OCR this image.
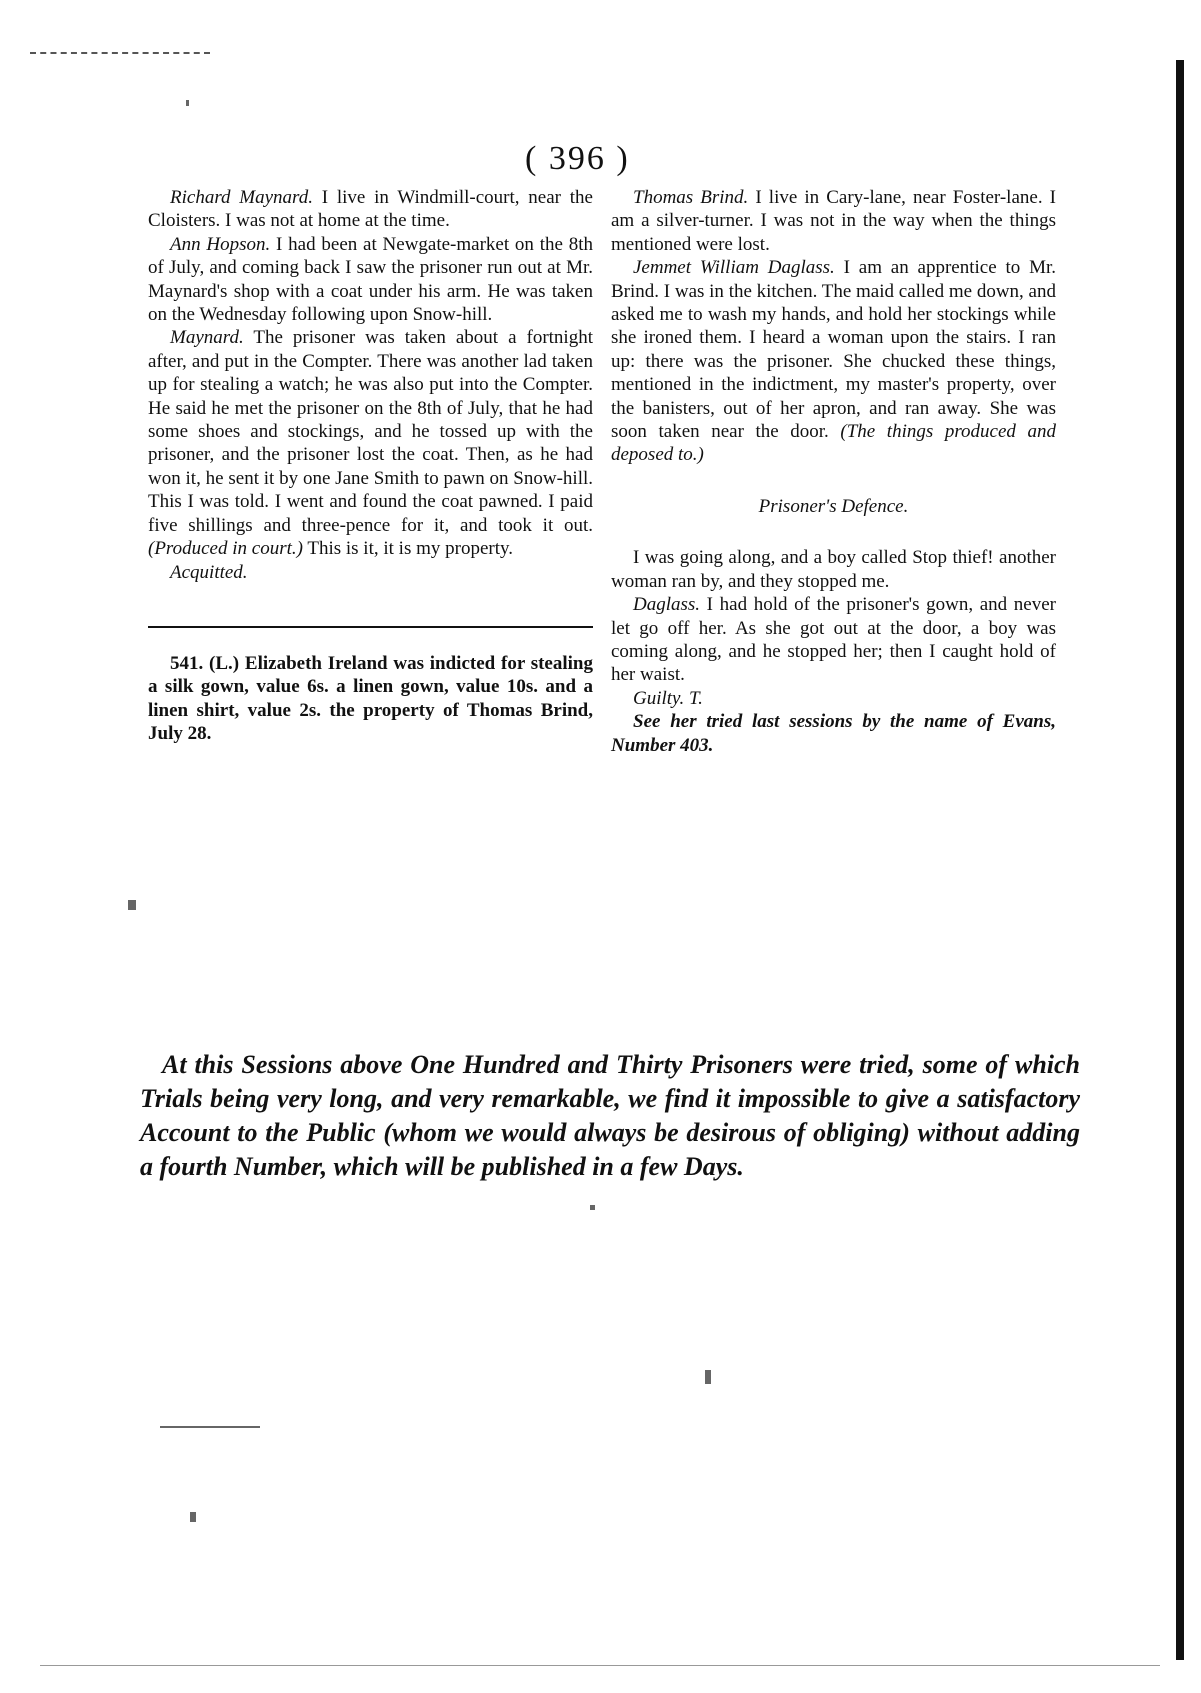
( 396 )

Richard Maynard. I live in Windmill-court, near the Cloisters. I was not at home at the time.

Ann Hopson. I had been at Newgate-market on the 8th of July, and coming back I saw the prisoner run out at Mr. Maynard's shop with a coat under his arm. He was taken on the Wednesday following upon Snow-hill.

Maynard. The prisoner was taken about a fortnight after, and put in the Compter. There was another lad taken up for stealing a watch; he was also put into the Compter. He said he met the prisoner on the 8th of July, that he had some shoes and stockings, and he tossed up with the prisoner, and the prisoner lost the coat. Then, as he had won it, he sent it by one Jane Smith to pawn on Snow-hill. This I was told. I went and found the coat pawned. I paid five shillings and three-pence for it, and took it out. (Produced in court.) This is it, it is my property.

Acquitted.

541. (L.) Elizabeth Ireland was indicted for stealing a silk gown, value 6s. a linen gown, value 10s. and a linen shirt, value 2s. the property of Thomas Brind, July 28.

Thomas Brind. I live in Cary-lane, near Foster-lane. I am a silver-turner. I was not in the way when the things mentioned were lost.

Jemmet William Daglass. I am an apprentice to Mr. Brind. I was in the kitchen. The maid called me down, and asked me to wash my hands, and hold her stockings while she ironed them. I heard a woman upon the stairs. I ran up: there was the prisoner. She chucked these things, mentioned in the indictment, my master's property, over the banisters, out of her apron, and ran away. She was soon taken near the door. (The things produced and deposed to.)

Prisoner's Defence.

I was going along, and a boy called Stop thief! another woman ran by, and they stopped me.

Daglass. I had hold of the prisoner's gown, and never let go off her. As she got out at the door, a boy was coming along, and he stopped her; then I caught hold of her waist.

Guilty. T.

See her tried last sessions by the name of Evans, Number 403.

At this Sessions above One Hundred and Thirty Prisoners were tried, some of which Trials being very long, and very remarkable, we find it impossible to give a satisfactory Account to the Public (whom we would always be desirous of obliging) without adding a fourth Number, which will be published in a few Days.
